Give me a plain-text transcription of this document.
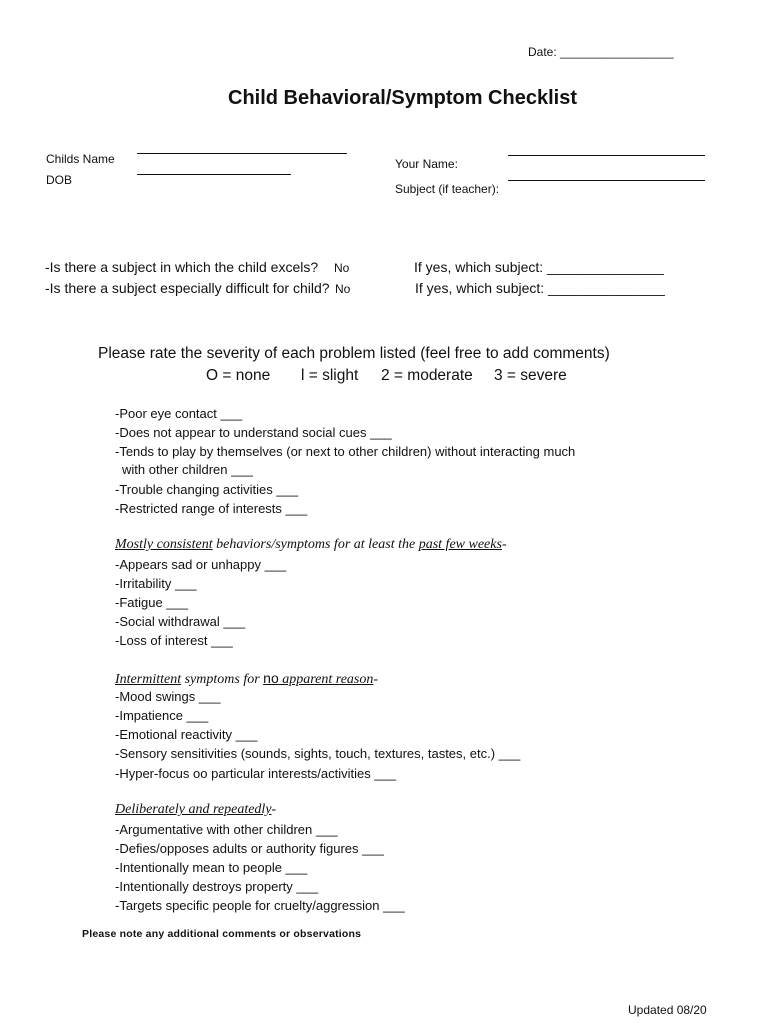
Date: _________________
Child Behavioral/Symptom Checklist
Childs Name
DOB
Your Name:
Subject (if teacher):
-Is there a subject in which the child excels? No	If yes, which subject: _______________
-Is there a subject especially difficult for child? No	If yes, which subject: _______________
Please rate the severity of each problem listed (feel free to add comments)
O = none l = slight 2 = moderate 3 = severe
-Poor eye contact ___
-Does not appear to understand social cues ___
-Tends to play by themselves (or next to other children) without interacting much
with other children ___
-Trouble changing activities ___
-Restricted range of interests ___
Mostly consistent behaviors/symptoms for at least the past few weeks-
-Appears sad or unhappy ___
-Irritability ___
-Fatigue ___
-Social withdrawal ___
-Loss of interest ___
Intermittent symptoms for no apparent reason-
-Mood swings ___
-Impatience ___
-Emotional reactivity ___
-Sensory sensitivities (sounds, sights, touch, textures, tastes, etc.) ___
-Hyper-focus oo particular interests/activities ___
Deliberately and repeatedly-
-Argumentative with other children ___
-Defies/opposes adults or authority figures ___
-Intentionally mean to people ___
-Intentionally destroys property ___
-Targets specific people for cruelty/aggression ___
Please note any additional comments or observations
Updated 08/20
